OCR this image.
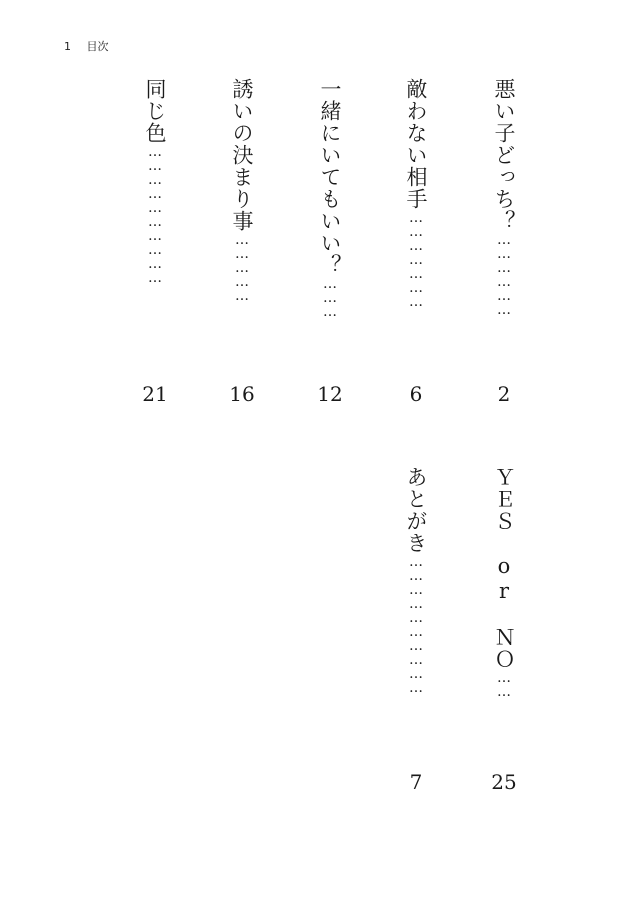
1 目次
悪い子どっち？………………
2
敵わない相手…………………
6
一緒にいてもいい？………
12
誘いの決まり事……………
16
同じ色…………………………
21
ＹＥＳ　or　ＮＯ……
25
あとがき…………………………
7
